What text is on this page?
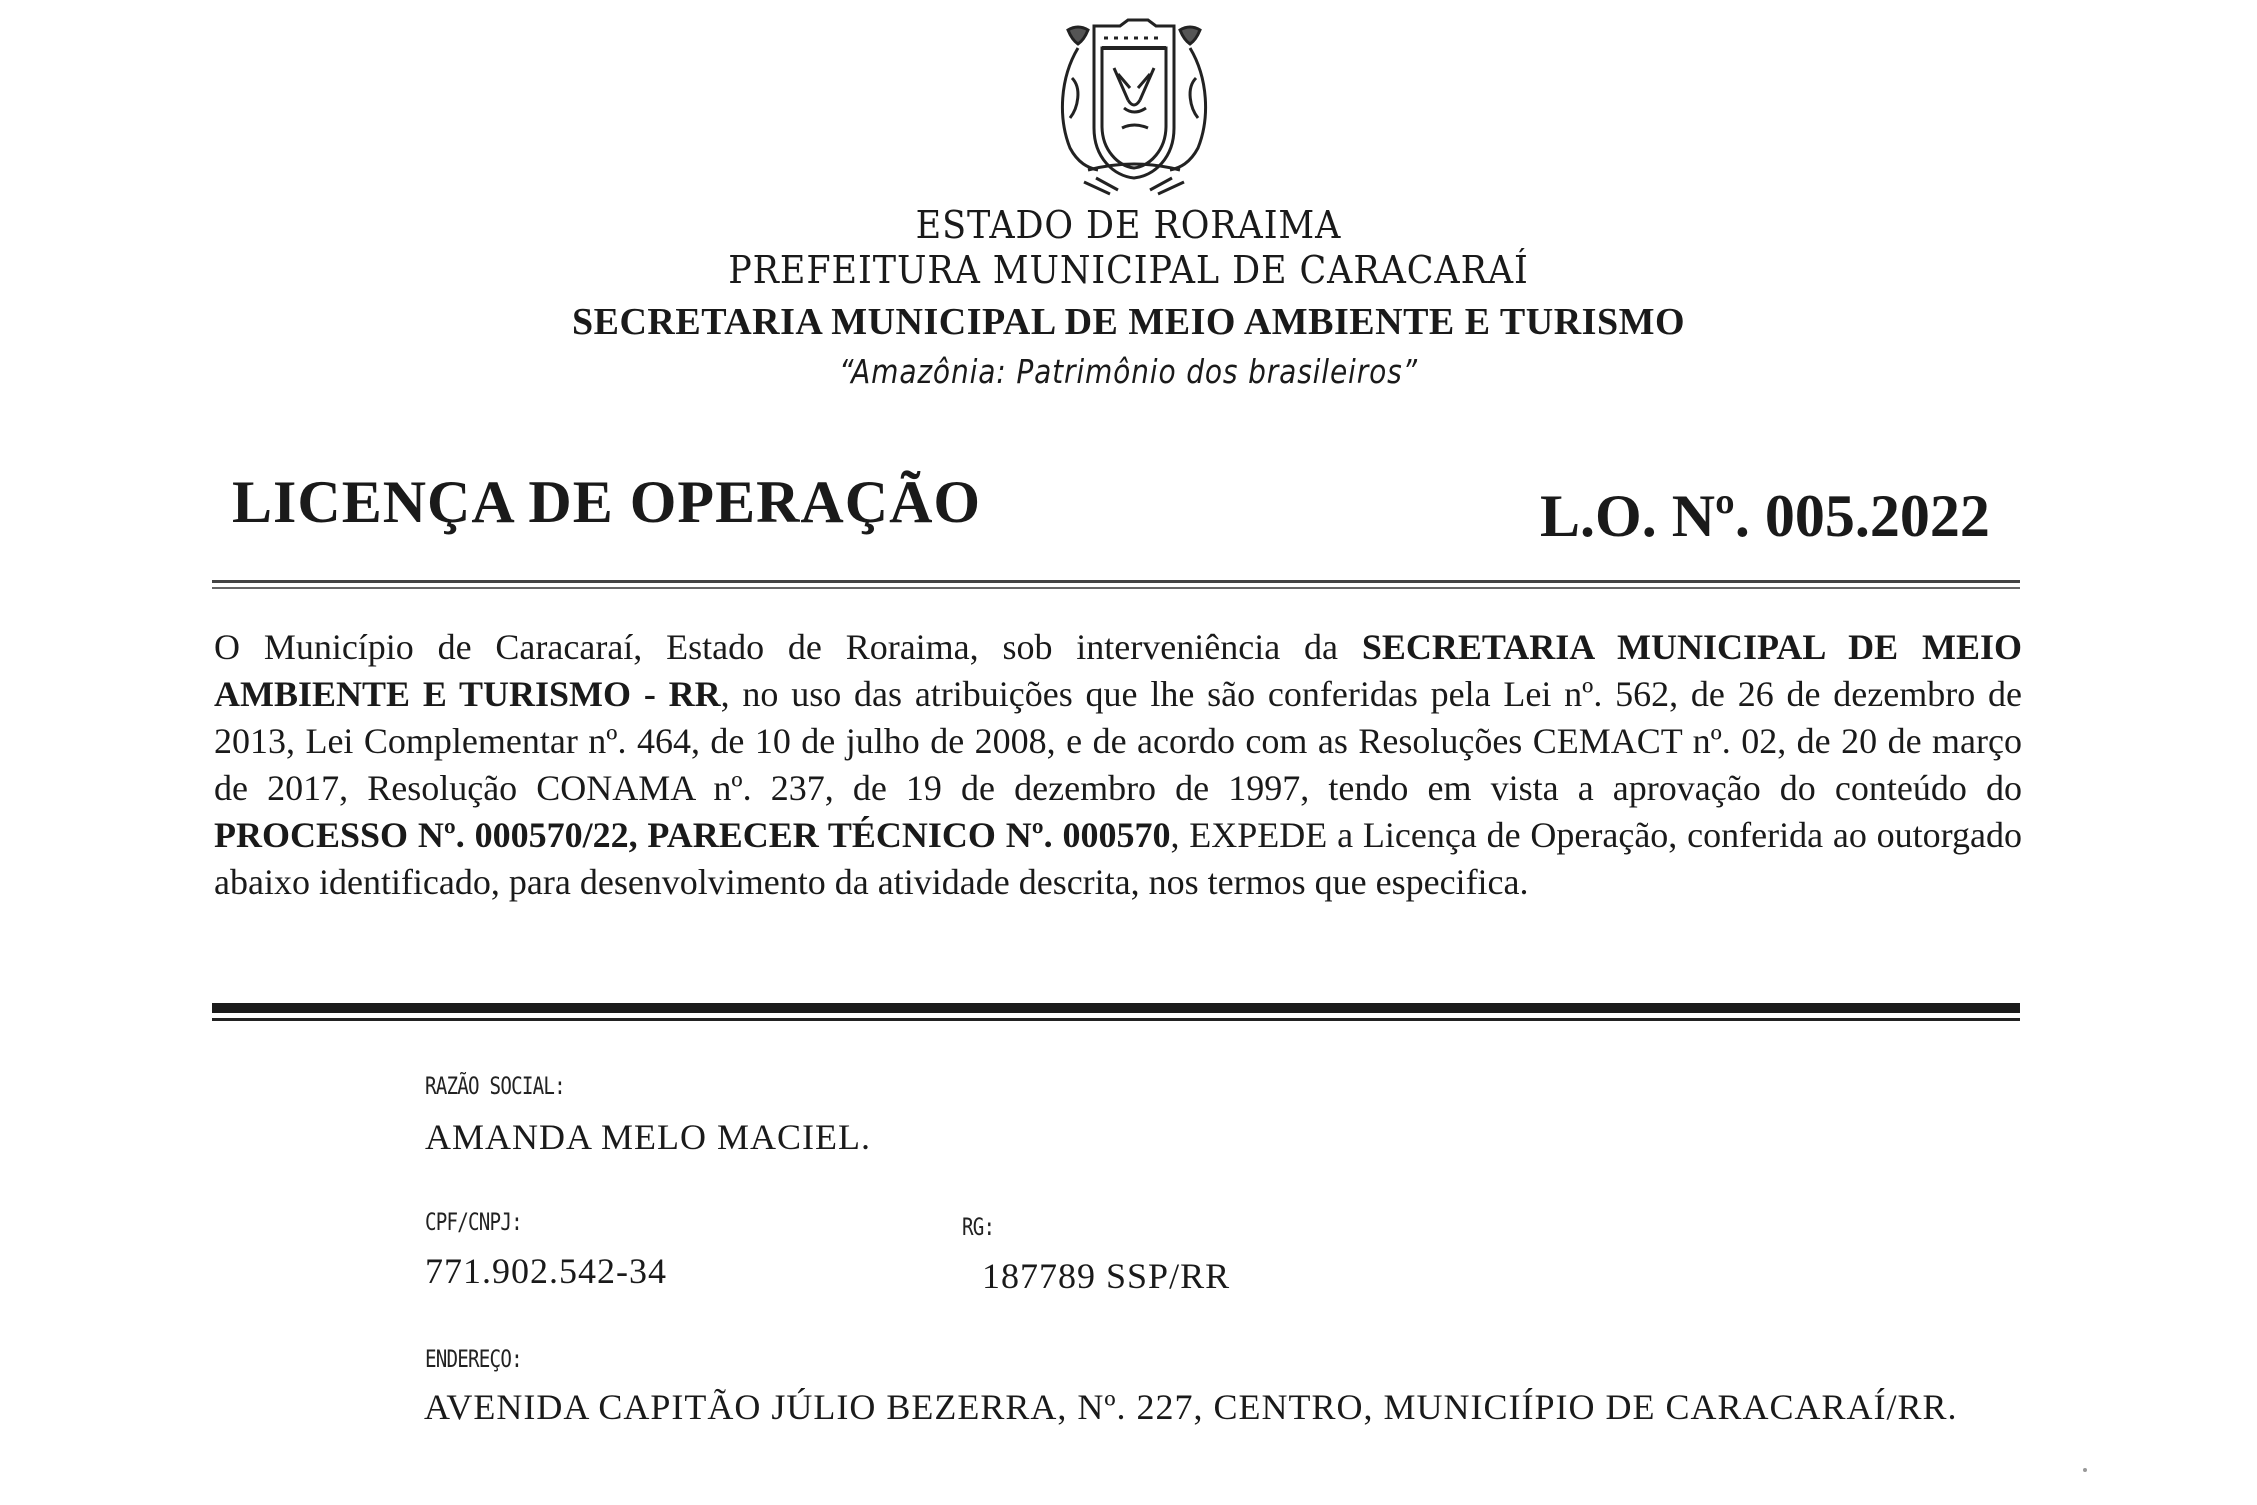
ESTADO DE RORAIMA
PREFEITURA MUNICIPAL DE CARACARAÍ
SECRETARIA MUNICIPAL DE MEIO AMBIENTE E TURISMO
“Amazônia: Patrimônio dos brasileiros”
LICENÇA DE OPERAÇÃO	L.O. Nº. 005.2022
O Município de Caracaraí, Estado de Roraima, sob interveniência da SECRETARIA MUNICIPAL DE MEIO AMBIENTE E TURISMO - RR, no uso das atribuições que lhe são conferidas pela Lei nº. 562, de 26 de dezembro de 2013, Lei Complementar nº. 464, de 10 de julho de 2008, e de acordo com as Resoluções CEMACT nº. 02, de 20 de março de 2017, Resolução CONAMA nº. 237, de 19 de dezembro de 1997, tendo em vista a aprovação do conteúdo do PROCESSO Nº. 000570/22, PARECER TÉCNICO Nº. 000570, EXPEDE a Licença de Operação, conferida ao outorgado abaixo identificado, para desenvolvimento da atividade descrita, nos termos que especifica.
RAZÃO SOCIAL:
AMANDA MELO MACIEL.
CPF/CNPJ:
771.902.542-34
RG:
187789 SSP/RR
ENDEREÇO:
AVENIDA CAPITÃO JÚLIO BEZERRA, Nº. 227, CENTRO, MUNICIÍPIO DE CARACARAÍ/RR.
